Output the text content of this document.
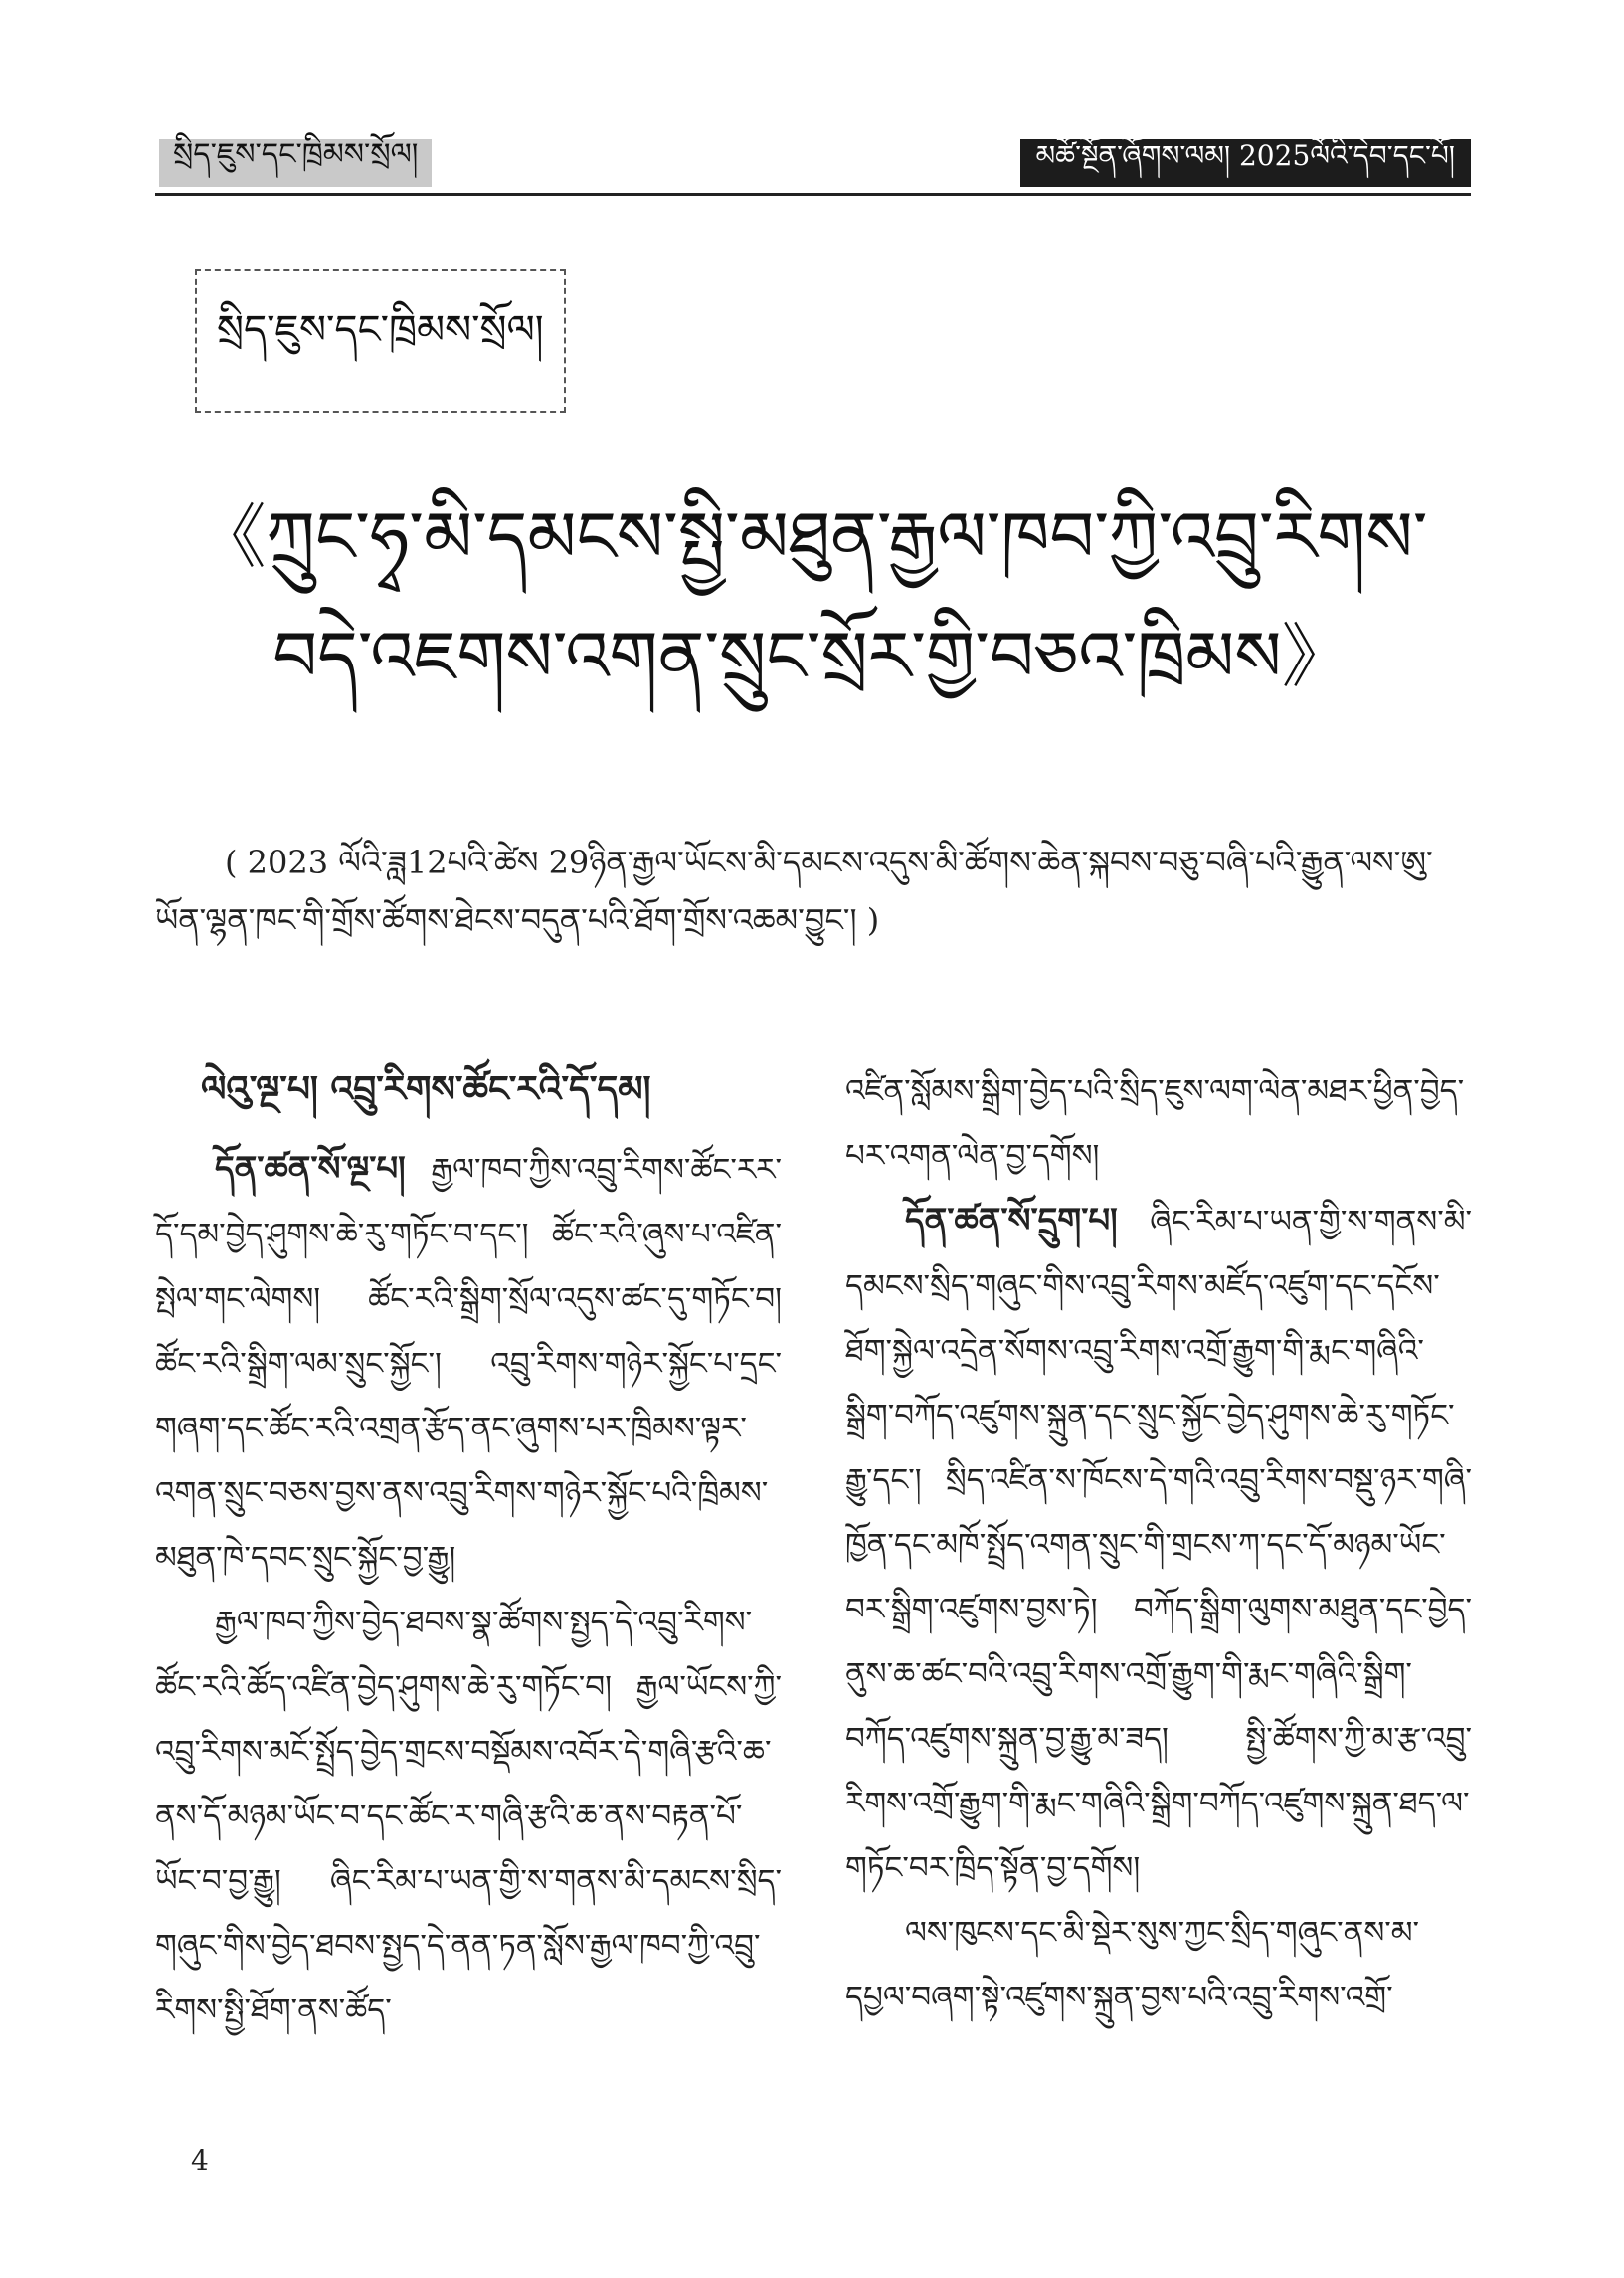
སྲིད་ཇུས་དང་ཁྲིམས་སྲོལ།	མཚོ་སྔོན་ཞོགས་ལམ། 2025ལོའི་དེབ་དང་པོ།
སྲིད་ཇུས་དང་ཁྲིམས་སྲོལ།
《ཀྲུང་ཧྭ་མི་དམངས་སྤྱི་མཐུན་རྒྱལ་ཁབ་ཀྱི་འབྲུ་རིགས་
བདེ་འཇགས་འགན་སྲུང་སྲོར་གྱི་བཅའ་ཁྲིམས》
( 2023 ལོའི་ཟླ12པའི་ཚེས 29ཉིན་རྒྱལ་ཡོངས་མི་དམངས་འདུས་མི་ཚོགས་ཆེན་སྐབས་བཅུ་བཞི་པའི་རྒྱུན་ལས་ཨུ་ཡོན་ལྷན་ཁང་གི་གྲོས་ཚོགས་ཐེངས་བདུན་པའི་ཐོག་གྲོས་འཆམ་བྱུང་། )
ལེའུ་ལྔ་པ། འབྲུ་རིགས་ཚོང་རའི་དོ་དམ།

དོན་ཚན་སོ་ལྔ་པ། རྒྱལ་ཁབ་ཀྱིས་འབྲུ་རིགས་ཚོང་རར་དོ་དམ་བྱེད་ཤུགས་ཆེ་རུ་གཏོང་བ་དང་། ཚོང་རའི་ཞུས་པ་འཛིན་སྤེལ་གང་ལེགས། ཚོང་རའི་སྒྲིག་སྲོལ་འདུས་ཚང་དུ་གཏོང་བ། ཚོང་རའི་སྒྲིག་ལམ་སྲུང་སྐྱོང་། འབྲུ་རིགས་གཉེར་སྐྱོང་པ་དྲང་གཞག་དང་ཚོང་རའི་འགྲན་རྩོད་ནང་ཞུགས་པར་ཁྲིམས་ལྟར་འགན་སྲུང་བཅས་བྱས་ནས་འབྲུ་རིགས་གཉེར་སྐྱོང་པའི་ཁྲིམས་མཐུན་ཁེ་དབང་སྲུང་སྐྱོང་བྱ་རྒྱུ།

རྒྱལ་ཁབ་ཀྱིས་བྱེད་ཐབས་སྣ་ཚོགས་སྤྱད་དེ་འབྲུ་རིགས་ཚོང་རའི་ཚོད་འཛིན་བྱེད་ཤུགས་ཆེ་རུ་གཏོང་བ། རྒྱལ་ཡོངས་ཀྱི་འབྲུ་རིགས་མངོ་སྤྲོད་བྱེད་གྲངས་བསྡོམས་འབོར་དེ་གཞི་རྩའི་ཆ་ནས་དོ་མཉམ་ཡོང་བ་དང་ཚོང་ར་གཞི་རྩའི་ཆ་ནས་བརྟན་པོ་ཡོང་བ་བྱ་རྒྱུ། ཞིང་རིམ་པ་ཡན་གྱི་ས་གནས་མི་དམངས་སྲིད་གཞུང་གིས་བྱེད་ཐབས་སྤྱད་དེ་ནན་ཏན་སློས་རྒྱལ་ཁབ་ཀྱི་འབྲུ་རིགས་སྤྱི་ཐོག་ནས་ཚོད་

འཛིན་སློམས་སྒྲིག་བྱེད་པའི་སྲིད་ཇུས་ལག་ལེན་མཐར་ཕྱིན་བྱེད་པར་འགན་ལེན་བྱ་དགོས།

དོན་ཚན་སོ་དྲུག་པ། ཞིང་རིམ་པ་ཡན་གྱི་ས་གནས་མི་དམངས་སྲིད་གཞུང་གིས་འབྲུ་རིགས་མཛོད་འཛུག་དང་དངོས་ཐོག་སྐྱེལ་འདྲེན་སོགས་འབྲུ་རིགས་འགྲོ་རྒྱུག་གི་རྨང་གཞིའི་སྒྲིག་བཀོད་འཛུགས་སྐྲུན་དང་སྲུང་སྐྱོང་བྱེད་ཤུགས་ཆེ་རུ་གཏོང་རྒྱུ་དང་། སྲིད་འཛིན་ས་ཁོངས་དེ་གའི་འབྲུ་རིགས་བསྡུ་ཉར་གཞི་ཁྱོན་དང་མཁོ་སྤྲོད་འགན་སྲུང་གི་གྲངས་ཀ་དང་དོ་མཉམ་ཡོང་བར་སྒྲིག་འཛུགས་བྱས་ཏེ། བཀོད་སྒྲིག་ལུགས་མཐུན་དང་བྱེད་ནུས་ཆ་ཚང་བའི་འབྲུ་རིགས་འགྲོ་རྒྱུག་གི་རྨང་གཞིའི་སྒྲིག་བཀོད་འཛུགས་སྐྲུན་བྱ་རྒྱུ་མ་ཟད། སྤྱི་ཚོགས་ཀྱི་མ་རྩ་འབྲུ་རིགས་འགྲོ་རྒྱུག་གི་རྨང་གཞིའི་སྒྲིག་བཀོད་འཛུགས་སྐྲུན་ཐད་ལ་གཏོང་བར་ཁྲིད་སྟོན་བྱ་དགོས།

ལས་ཁུངས་དང་མི་སྡེར་སུས་ཀྱང་སྲིད་གཞུང་ནས་མ་དཔྱལ་བཞག་སྟེ་འཛུགས་སྐྲུན་བྱས་པའི་འབྲུ་རིགས་འགྲོ་

4
